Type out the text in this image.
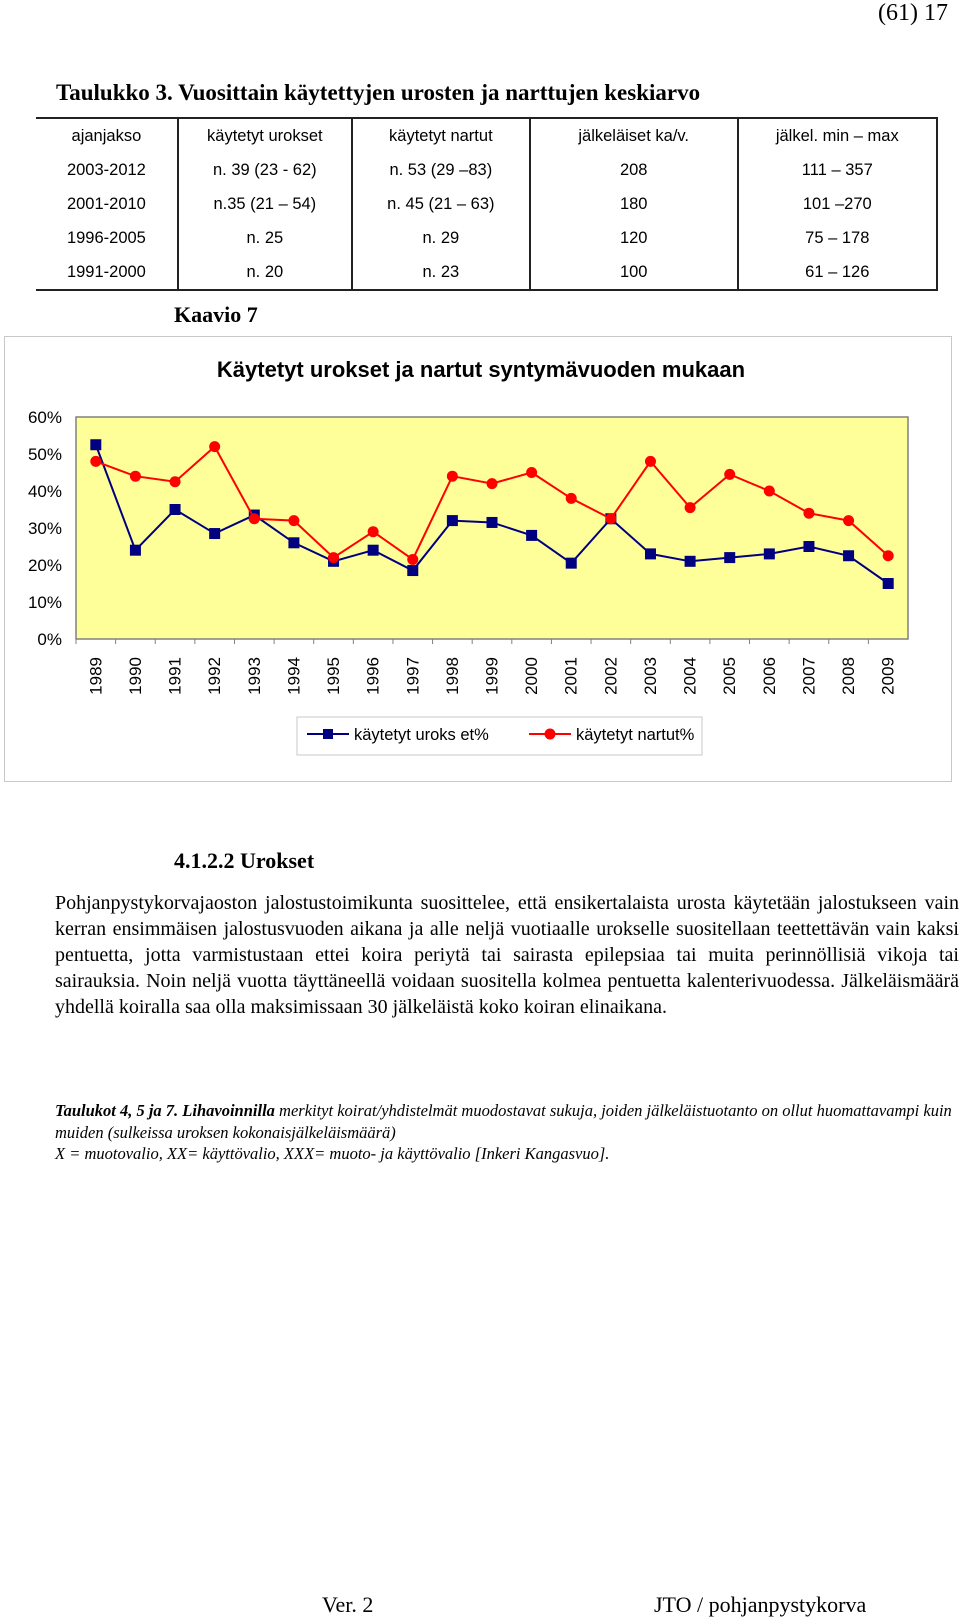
(61) 17
Taulukko 3. Vuosittain käytettyjen urosten ja narttujen keskiarvo
ajanjakso	käytetyt urokset	käytetyt nartut	jälkeläiset ka/v.	jälkel. min – max
2003-2012	n. 39 (23 - 62)	n. 53 (29 –83)	208	111 – 357
2001-2010	n.35 (21 – 54)	n. 45 (21 – 63)	180	101 –270
1996-2005	n. 25	n. 29	120	75 – 178
1991-2000	n. 20	n. 23	100	61 – 126
Kaavio 7
Käytetyt urokset ja nartut syntymävuoden mukaan
60%
50%
40%
30%
20%
10%
0%
1989 1990 1991 1992 1993 1994 1995 1996 1997 1998 1999 2000 2001 2002 2003 2004 2005 2006 2007 2008 2009
käytetyt uroks et%	käytetyt nartut%
4.1.2.2 Urokset
Pohjanpystykorvajaoston jalostustoimikunta suosittelee, että ensikertalaista urosta käytetään jalostukseen vain kerran ensimmäisen jalostusvuoden aikana ja alle neljä vuotiaalle urokselle suositellaan teettettävän vain kaksi pentuetta, jotta varmistustaan ettei koira periytä tai sairasta epilepsiaa tai muita perinnöllisiä vikoja tai sairauksia. Noin neljä vuotta täyttäneellä voidaan suositella kolmea pentuetta kalenterivuodessa. Jälkeläismäärä yhdellä koiralla saa olla maksimissaan 30 jälkeläistä koko koiran elinaikana.
Taulukot 4, 5 ja 7. Lihavoinnilla merkityt koirat/yhdistelmät muodostavat sukuja, joiden jälkeläistuotanto on ollut huomattavampi kuin muiden (sulkeissa uroksen kokonaisjälkeläismäärä)
X = muotovalio, XX= käyttövalio, XXX= muoto- ja käyttövalio [Inkeri Kangasvuo].
Ver. 2	JTO / pohjanpystykorva
